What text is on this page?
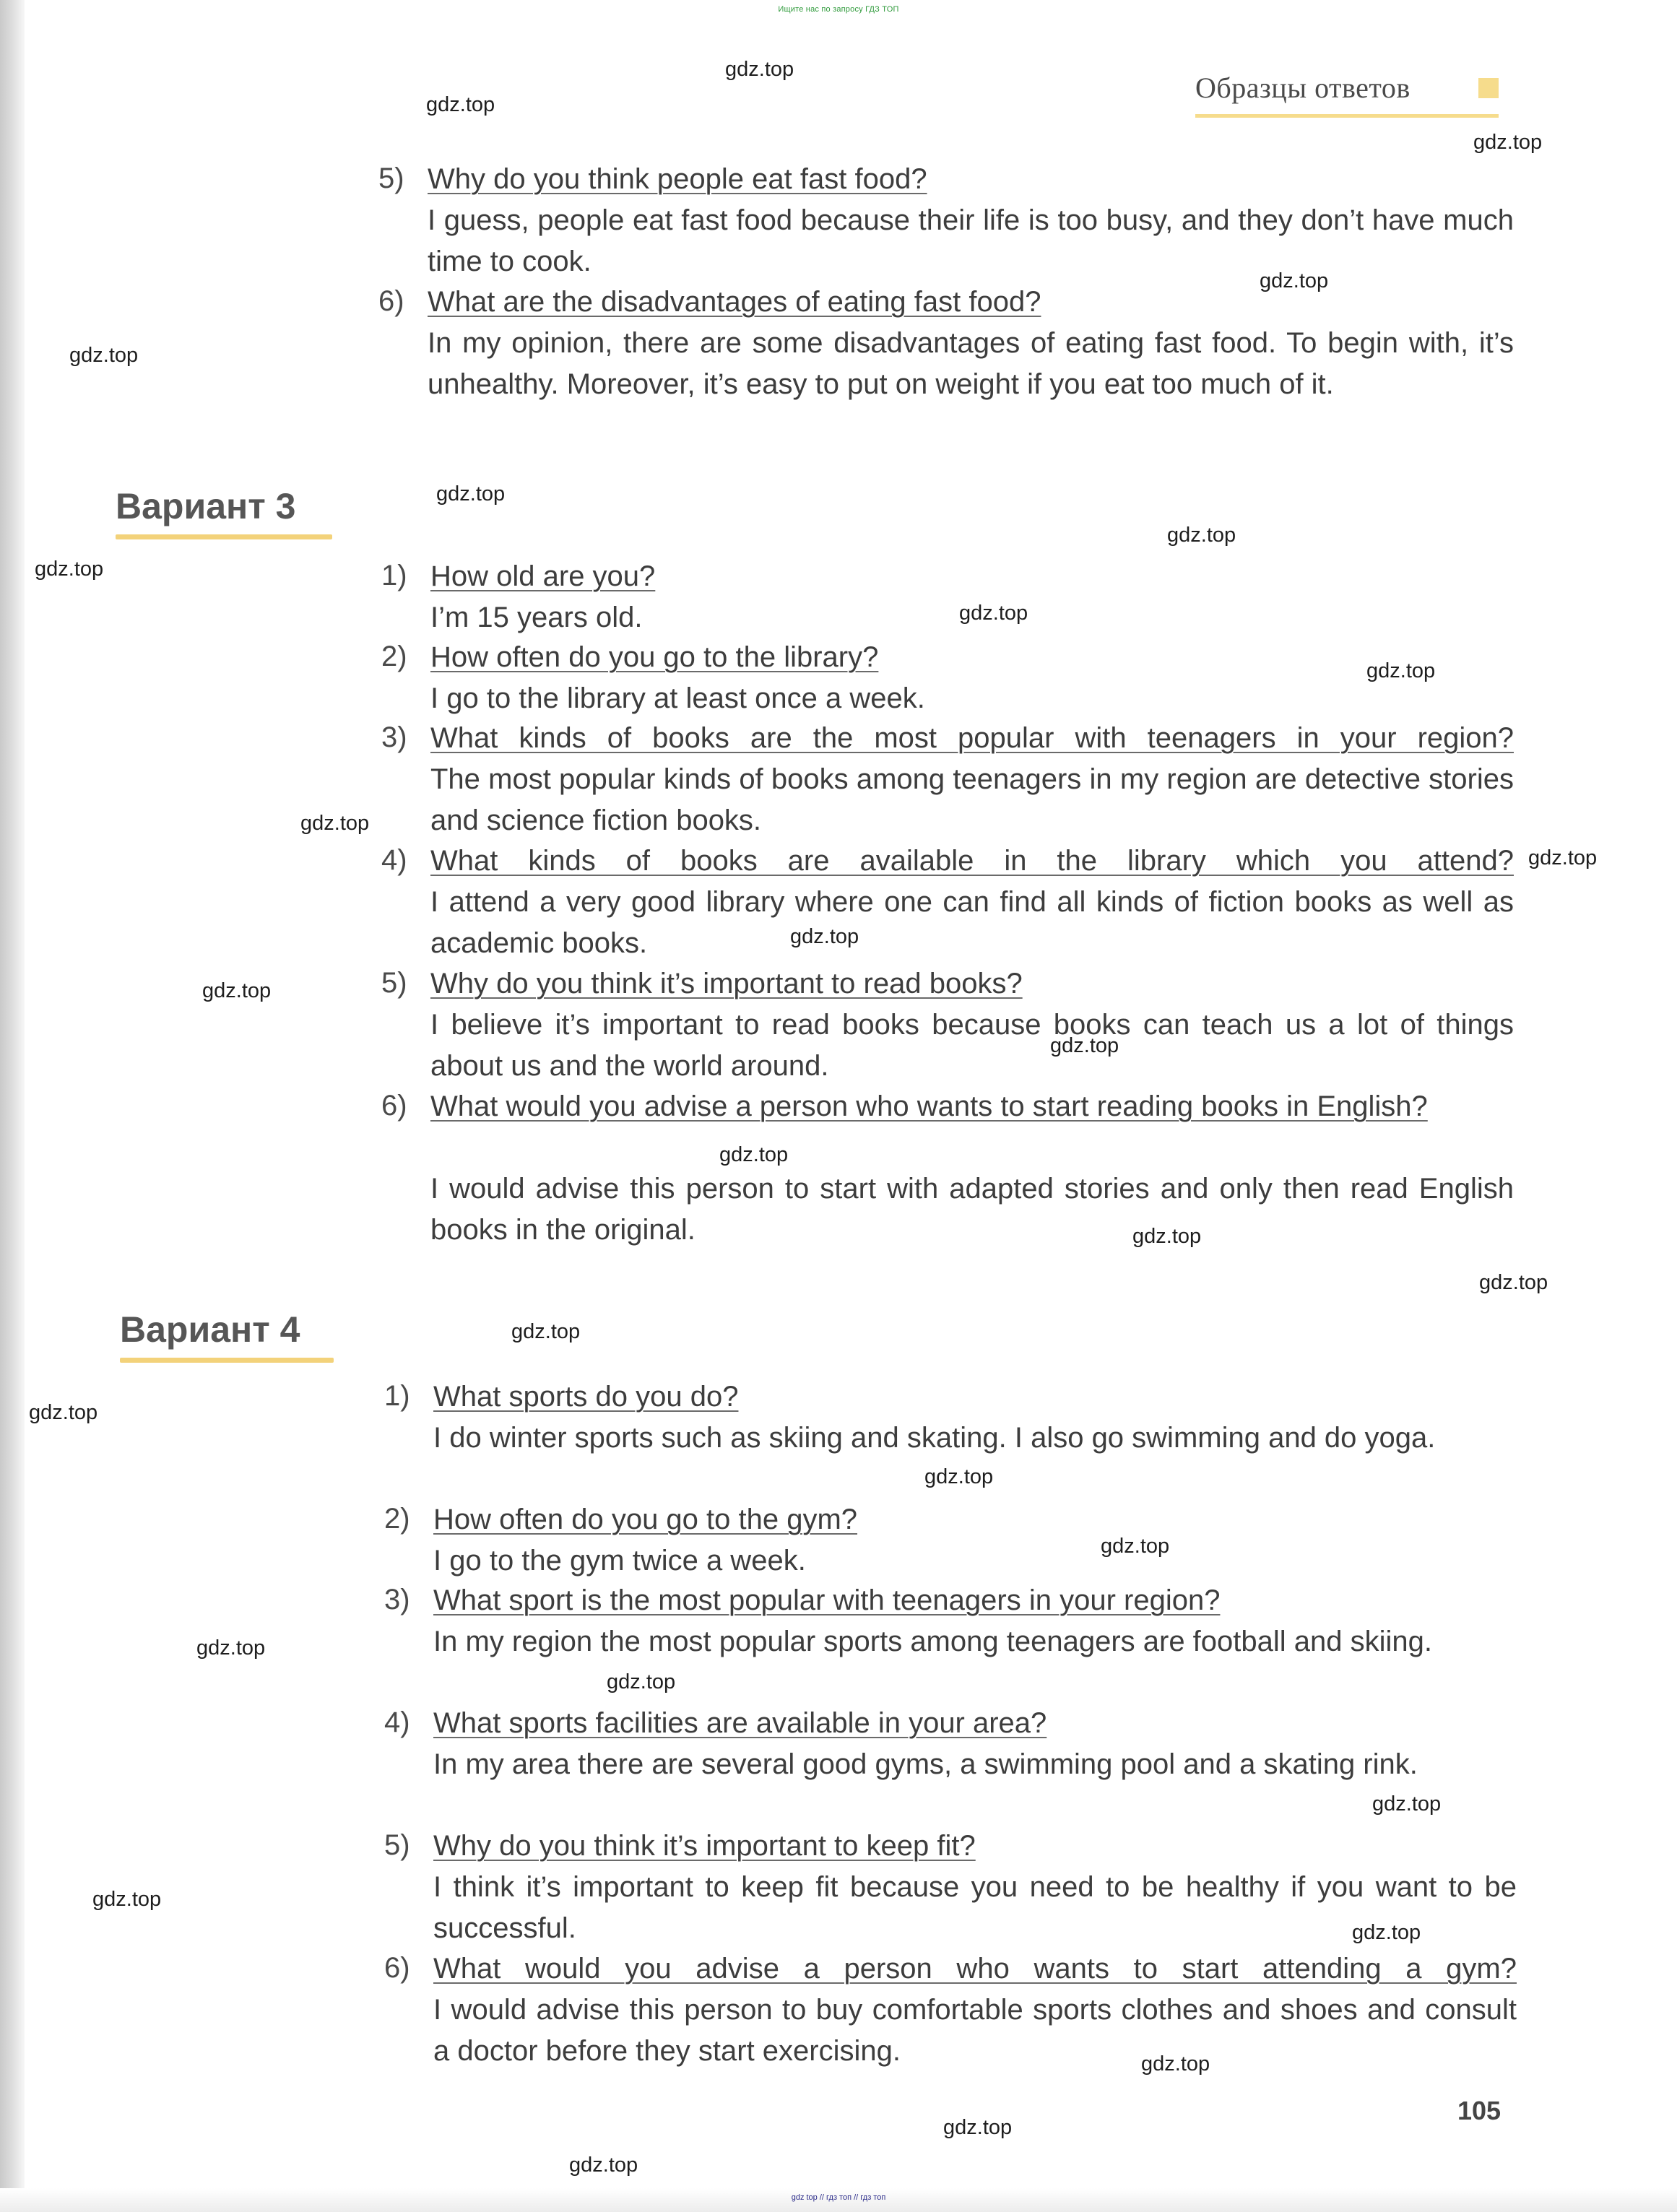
Ищите нас по запросу ГДЗ ТОП
Образцы ответов
5) Why do you think people eat fast food?
I guess, people eat fast food because their life is too busy, and they don’t have much time to cook.
6) What are the disadvantages of eating fast food?
In my opinion, there are some disadvantages of eating fast food. To begin with, it’s unhealthy. Moreover, it’s easy to put on weight if you eat too much of it.
Вариант 3
1) How old are you?
I’m 15 years old.
2) How often do you go to the library?
I go to the library at least once a week.
3) What kinds of books are the most popular with teenagers in your region?
The most popular kinds of books among teenagers in my region are detective stories and science fiction books.
4) What kinds of books are available in the library which you attend?
I attend a very good library where one can find all kinds of fiction books as well as academic books.
5) Why do you think it’s important to read books?
I believe it’s important to read books because books can teach us a lot of things about us and the world around.
6) What would you advise a person who wants to start reading books in English?
I would advise this person to start with adapted stories and only then read English books in the original.
Вариант 4
1) What sports do you do?
I do winter sports such as skiing and skating. I also go swimming and do yoga.
2) How often do you go to the gym?
I go to the gym twice a week.
3) What sport is the most popular with teenagers in your region?
In my region the most popular sports among teenagers are football and skiing.
4) What sports facilities are available in your area?
In my area there are several good gyms, a swimming pool and a skating rink.
5) Why do you think it’s important to keep fit?
I think it’s important to keep fit because you need to be healthy if you want to be successful.
6) What would you advise a person who wants to start attending a gym?
I would advise this person to buy comfortable sports clothes and shoes and consult a doctor before they start exercising.
105
gdz.top
gdz.top
gdz.top
gdz.top
gdz.top
gdz.top
gdz.top
gdz.top
gdz.top
gdz.top
gdz.top
gdz.top
gdz.top
gdz.top
gdz.top
gdz.top
gdz.top
gdz.top
gdz.top
gdz.top
gdz.top
gdz.top
gdz.top
gdz.top
gdz.top
gdz.top
gdz.top
gdz.top
gdz.top
gdz.top
gdz top // гдз топ // гдз топ
